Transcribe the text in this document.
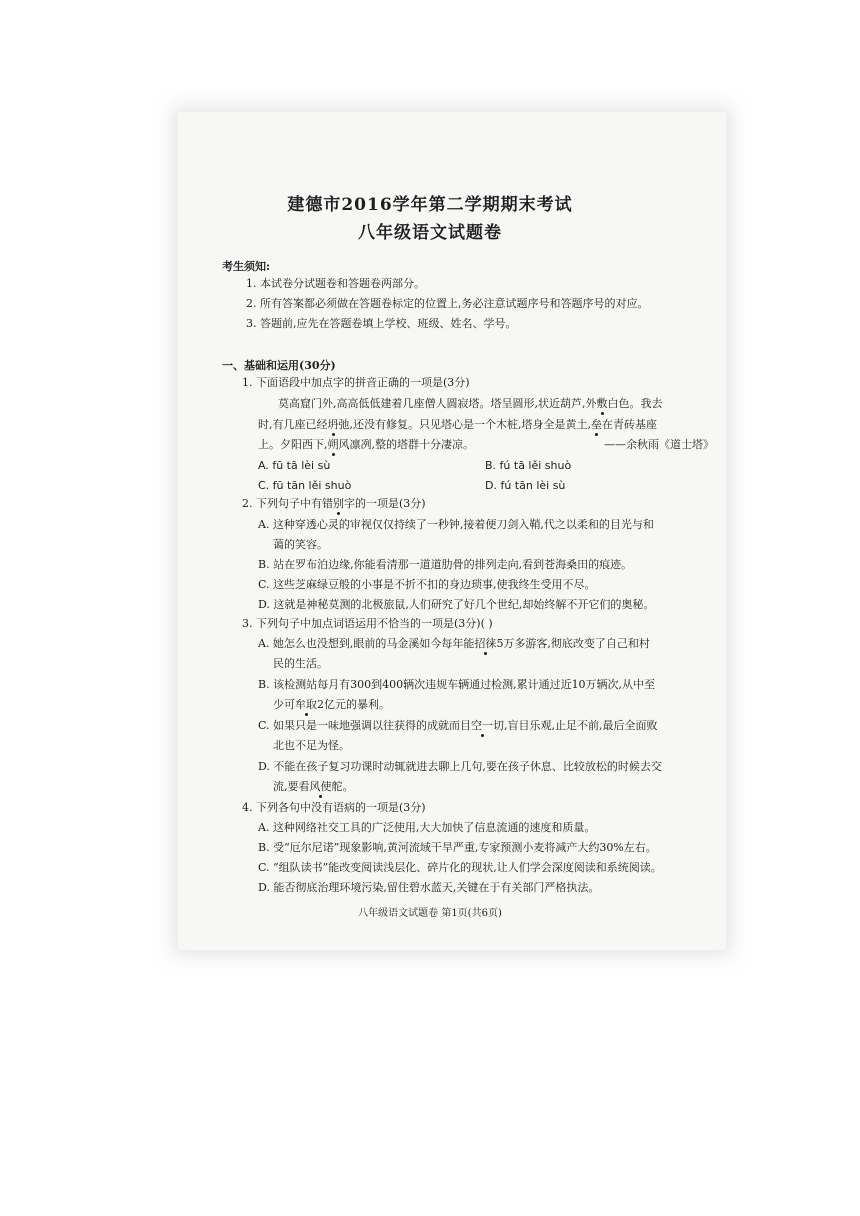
建德市2016学年第二学期期末考试
八年级语文试题卷
考生须知:
1. 本试卷分试题卷和答题卷两部分。
2. 所有答案都必须做在答题卷标定的位置上,务必注意试题序号和答题序号的对应。
3. 答题前,应先在答题卷填上学校、班级、姓名、学号。
一、基础和运用(30分)
1. 下面语段中加点字的拼音正确的一项是(3分)
莫高窟门外,高高低低建着几座僧人圆寂塔。塔呈圆形,状近葫芦,外敷白色。我去
时,有几座已经坍弛,还没有修复。只见塔心是一个木桩,塔身全是黄土,垒在青砖基座
上。夕阳西下,朔风凛冽,整的塔群十分凄凉。	——余秋雨《道士塔》
A. fū tā lèi sù	B. fú tā lěi shuò
C. fū tān lěi shuò	D. fú tān lèi sù
2. 下列句子中有错别字的一项是(3分)
A. 这种穿透心灵的审视仅仅持续了一秒钟,接着便刀剑入鞘,代之以柔和的目光与和
蔼的笑容。
B. 站在罗布泊边缘,你能看清那一道道肋骨的排列走向,看到苍海桑田的痕迹。
C. 这些芝麻绿豆般的小事是不折不扣的身边琐事,使我终生受用不尽。
D. 这就是神秘莫测的北极旅鼠,人们研究了好几个世纪,却始终解不开它们的奥秘。
3. 下列句子中加点词语运用不恰当的一项是(3分)( )
A. 她怎么也没想到,眼前的马金溪如今每年能招徕5万多游客,彻底改变了自己和村
民的生活。
B. 该检测站每月有300到400辆次违规车辆通过检测,累计通过近10万辆次,从中至
少可牟取2亿元的暴利。
C. 如果只是一味地强调以往获得的成就而目空一切,盲目乐观,止足不前,最后全面败
北也不足为怪。
D. 不能在孩子复习功课时动辄就进去聊上几句,要在孩子休息、比较放松的时候去交
流,要看风使舵。
4. 下列各句中没有语病的一项是(3分)
A. 这种网络社交工具的广泛使用,大大加快了信息流通的速度和质量。
B. 受“厄尔尼诺”现象影响,黄河流域干旱严重,专家预测小麦将减产大约30%左右。
C. “组队读书”能改变阅读浅层化、碎片化的现状,让人们学会深度阅读和系统阅读。
D. 能否彻底治理环境污染,留住碧水蓝天,关键在于有关部门严格执法。
八年级语文试题卷 第1页(共6页)
